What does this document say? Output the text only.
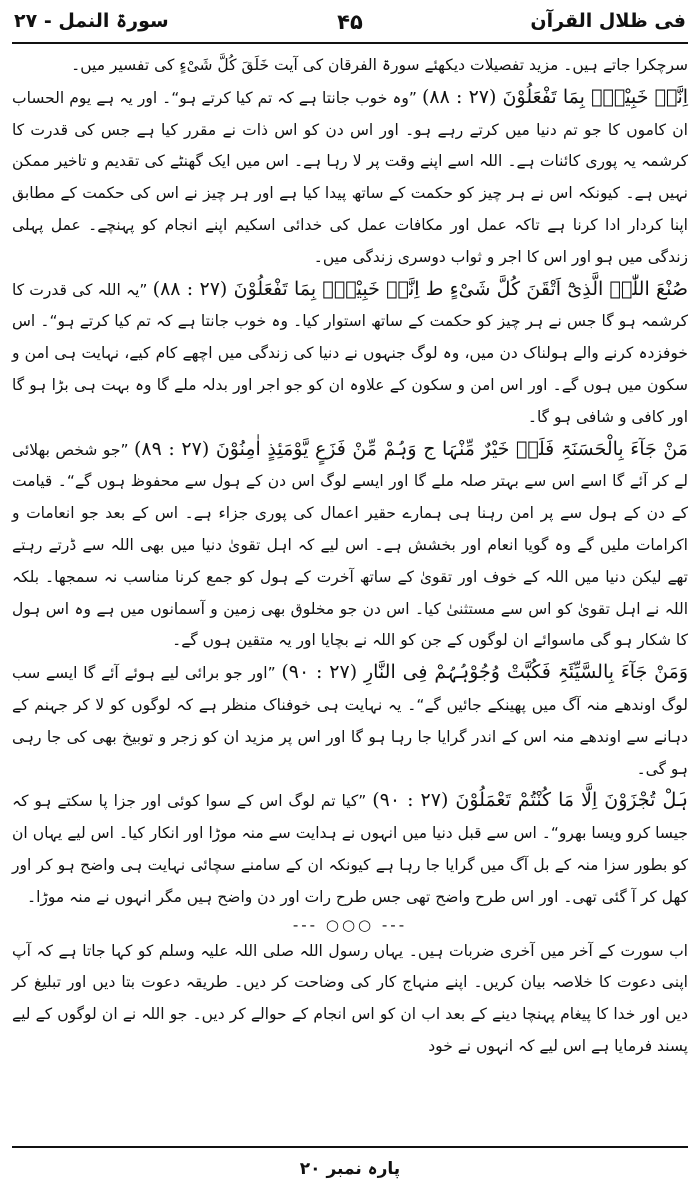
فی ظلال القرآن
۴۵
سورۃ النمل - ۲۷

سرچکرا جاتے ہیں۔ مزید تفصیلات دیکھئے سورۃ الفرقان کی آیت خَلَقَ کُلَّ شَیْءٍ کی تفسیر میں۔

اِنَّہٗ خَبِیْرٌۢ بِمَا تَفْعَلُوْنَ (۲۷ : ۸۸) ”وہ خوب جانتا ہے کہ تم کیا کرتے ہو“۔ اور یہ ہے یوم الحساب ان کاموں کا جو تم دنیا میں کرتے رہے ہو۔ اور اس دن کو اس ذات نے مقرر کیا ہے جس کی قدرت کا کرشمہ یہ پوری کائنات ہے۔ اللہ اسے اپنے وقت پر لا رہا ہے۔ اس میں ایک گھنٹے کی تقدیم و تاخیر ممکن نہیں ہے۔ کیونکہ اس نے ہر چیز کو حکمت کے ساتھ پیدا کیا ہے اور ہر چیز نے اس کی حکمت کے مطابق اپنا کردار ادا کرنا ہے تاکہ عمل اور مکافات عمل کی خدائی اسکیم اپنے انجام کو پہنچے۔ عمل پہلی زندگی میں ہو اور اس کا اجر و ثواب دوسری زندگی میں۔

صُنْعَ اللّٰہِ الَّذِیْٓ اَتْقَنَ کُلَّ شَیْءٍ ط اِنَّہٗ خَبِیْرٌۢ بِمَا تَفْعَلُوْنَ (۲۷ : ۸۸) ”یہ اللہ کی قدرت کا کرشمہ ہو گا جس نے ہر چیز کو حکمت کے ساتھ استوار کیا۔ وہ خوب جانتا ہے کہ تم کیا کرتے ہو“۔ اس خوفزدہ کرنے والے ہولناک دن میں، وہ لوگ جنہوں نے دنیا کی زندگی میں اچھے کام کیے، نہایت ہی امن و سکون میں ہوں گے۔ اور اس امن و سکون کے علاوہ ان کو جو اجر اور بدلہ ملے گا وہ بہت ہی بڑا ہو گا اور کافی و شافی ہو گا۔

مَنْ جَآءَ بِالْحَسَنَۃِ فَلَہٗ خَیْرٌ مِّنْہَا ج وَہُمْ مِّنْ فَزَعٍ یَّوْمَئِذٍ اٰمِنُوْنَ (۲۷ : ۸۹) ”جو شخص بھلائی لے کر آئے گا اسے اس سے بہتر صلہ ملے گا اور ایسے لوگ اس دن کے ہول سے محفوظ ہوں گے“۔ قیامت کے دن کے ہول سے پر امن رہنا ہی ہمارے حقیر اعمال کی پوری جزاء ہے۔ اس کے بعد جو انعامات و اکرامات ملیں گے وہ گویا انعام اور بخشش ہے۔ اس لیے کہ اہل تقویٰ دنیا میں بھی اللہ سے ڈرتے رہتے تھے لیکن دنیا میں اللہ کے خوف اور تقویٰ کے ساتھ آخرت کے ہول کو جمع کرنا مناسب نہ سمجھا۔ بلکہ اللہ نے اہل تقویٰ کو اس سے مستثنیٰ کیا۔ اس دن جو مخلوق بھی زمین و آسمانوں میں ہے وہ اس ہول کا شکار ہو گی ماسوائے ان لوگوں کے جن کو اللہ نے بچایا اور یہ متقین ہوں گے۔

وَمَنْ جَآءَ بِالسَّیِّئَۃِ فَکُبَّتْ وُجُوْہُہُمْ فِی النَّارِ (۲۷ : ۹۰) ”اور جو برائی لیے ہوئے آئے گا ایسے سب لوگ اوندھے منہ آگ میں پھینکے جائیں گے“۔ یہ نہایت ہی خوفناک منظر ہے کہ لوگوں کو لا کر جہنم کے دہانے سے اوندھے منہ اس کے اندر گرایا جا رہا ہو گا اور اس پر مزید ان کو زجر و توبیخ بھی کی جا رہی ہو گی۔

ہَلْ تُجْزَوْنَ اِلَّا مَا کُنْتُمْ تَعْمَلُوْنَ (۲۷ : ۹۰) ”کیا تم لوگ اس کے سوا کوئی اور جزا پا سکتے ہو کہ جیسا کرو ویسا بھرو“۔ اس سے قبل دنیا میں انہوں نے ہدایت سے منہ موڑا اور انکار کیا۔ اس لیے یہاں ان کو بطور سزا منہ کے بل آگ میں گرایا جا رہا ہے کیونکہ ان کے سامنے سچائی نہایت ہی واضح ہو کر اور کھل کر آ گئی تھی۔ اور اس طرح واضح تھی جس طرح رات اور دن واضح ہیں مگر انہوں نے منہ موڑا۔

--- ○○○ ---

اب سورت کے آخر میں آخری ضربات ہیں۔ یہاں رسول اللہ صلی اللہ علیہ وسلم کو کہا جاتا ہے کہ آپ اپنی دعوت کا خلاصہ بیان کریں۔ اپنے منہاج کار کی وضاحت کر دیں۔ طریقہ دعوت بتا دیں اور تبلیغ کر دیں اور خدا کا پیغام پہنچا دینے کے بعد اب ان کو اس انجام کے حوالے کر دیں۔ جو اللہ نے ان لوگوں کے لیے پسند فرمایا ہے اس لیے کہ انہوں نے خود

پارہ نمبر ۲۰
